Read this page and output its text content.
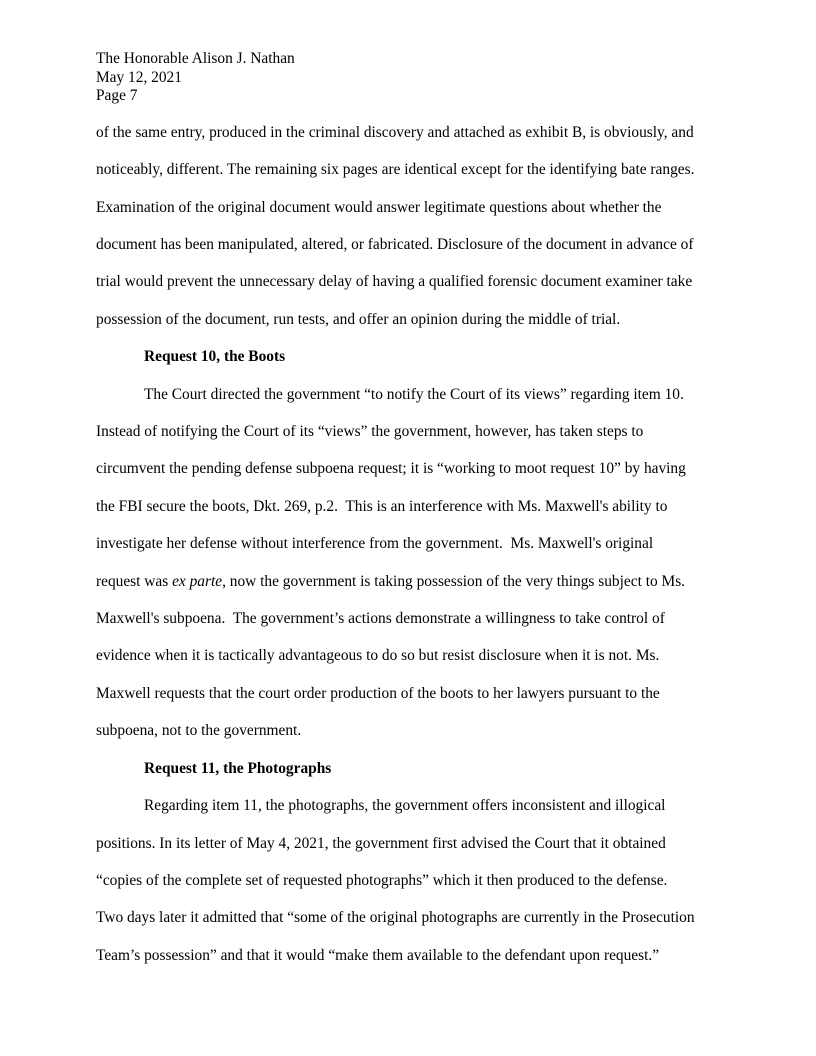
The Honorable Alison J. Nathan
May 12, 2021
Page 7
of the same entry, produced in the criminal discovery and attached as exhibit B, is obviously, and
noticeably, different. The remaining six pages are identical except for the identifying bate ranges.
Examination of the original document would answer legitimate questions about whether the
document has been manipulated, altered, or fabricated. Disclosure of the document in advance of
trial would prevent the unnecessary delay of having a qualified forensic document examiner take
possession of the document, run tests, and offer an opinion during the middle of trial.
Request 10, the Boots
The Court directed the government “to notify the Court of its views” regarding item 10.
Instead of notifying the Court of its “views” the government, however, has taken steps to
circumvent the pending defense subpoena request; it is “working to moot request 10” by having
the FBI secure the boots, Dkt. 269, p.2.  This is an interference with Ms. Maxwell's ability to
investigate her defense without interference from the government.  Ms. Maxwell's original
request was ex parte, now the government is taking possession of the very things subject to Ms.
Maxwell's subpoena.  The government’s actions demonstrate a willingness to take control of
evidence when it is tactically advantageous to do so but resist disclosure when it is not. Ms.
Maxwell requests that the court order production of the boots to her lawyers pursuant to the
subpoena, not to the government.
Request 11, the Photographs
Regarding item 11, the photographs, the government offers inconsistent and illogical
positions. In its letter of May 4, 2021, the government first advised the Court that it obtained
“copies of the complete set of requested photographs” which it then produced to the defense.
Two days later it admitted that “some of the original photographs are currently in the Prosecution
Team’s possession” and that it would “make them available to the defendant upon request.”
